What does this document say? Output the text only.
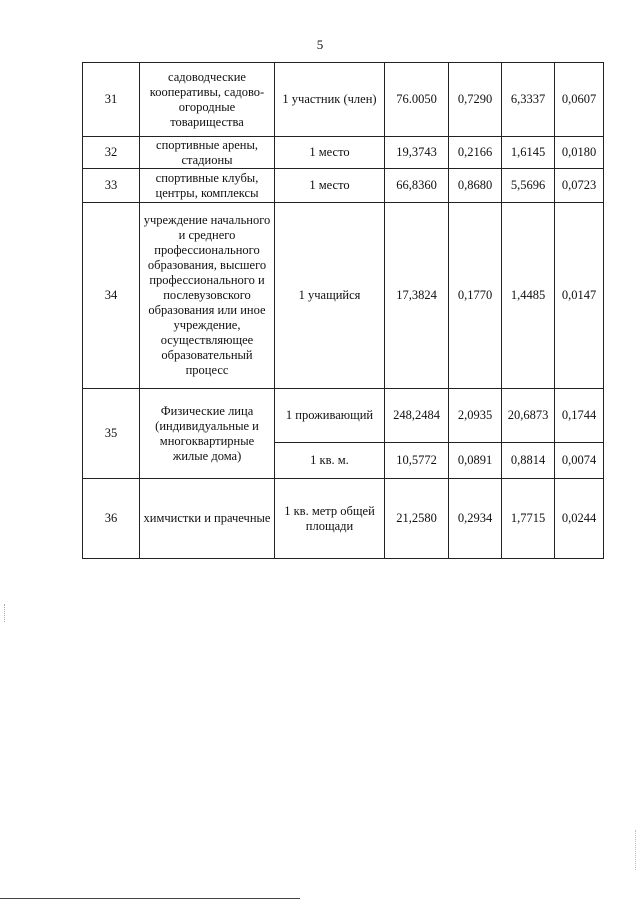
5
31	садоводческие кооперативы, садово-огородные товарищества	1 участник (член)	76.0050	0,7290	6,3337	0,0607
32	спортивные арены, стадионы	1 место	19,3743	0,2166	1,6145	0,0180
33	спортивные клубы, центры, комплексы	1 место	66,8360	0,8680	5,5696	0,0723
34	учреждение начального и среднего профессионального образования, высшего профессионального и послевузовского образования или иное учреждение, осуществляющее образовательный процесс	1 учащийся	17,3824	0,1770	1,4485	0,0147
35	Физические лица (индивидуальные и многоквартирные жилые дома)	1 проживающий	248,2484	2,0935	20,6873	0,1744
		1 кв. м.	10,5772	0,0891	0,8814	0,0074
36	химчистки и прачечные	1 кв. метр общей площади	21,2580	0,2934	1,7715	0,0244
